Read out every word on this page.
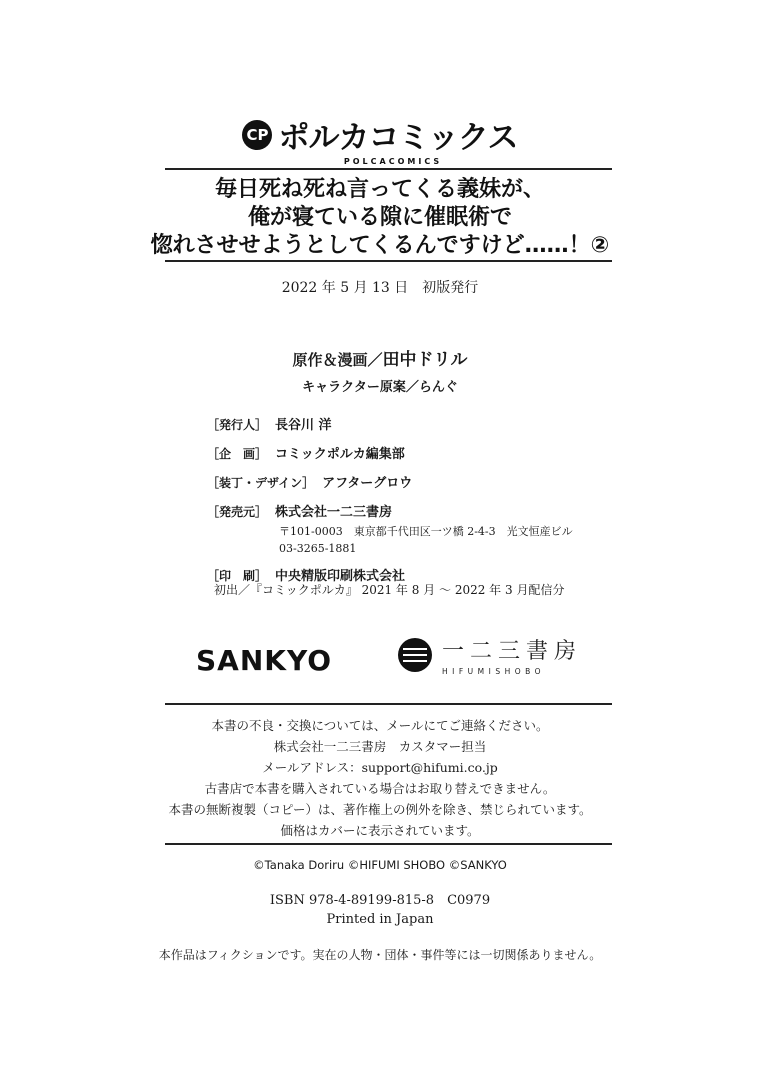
CP ポルカコミックス
POLCACOMICS
毎日死ね死ね言ってくる義妹が、
俺が寝ている隙に催眠術で
惚れさせせようとしてくるんですけど……！②
2022 年 5 月 13 日　初版発行
原作＆漫画／田中ドリル
キャラクター原案／らんぐ
［発行人］ 長谷川 洋
［企　画］ コミックポルカ編集部
［装丁・デザイン］ アフターグロウ
［発売元］ 株式会社一二三書房
〒101-0003　東京都千代田区一ツ橋 2-4-3　光文恒産ビル
03-3265-1881
［印　刷］ 中央精版印刷株式会社
初出／『コミックポルカ』 2021 年 8 月 ～ 2022 年 3 月配信分
SANKYO	一二三書房
HIFUMISHOBO
本書の不良・交換については、メールにてご連絡ください。
株式会社一二三書房　カスタマー担当
メールアドレス：support@hifumi.co.jp
古書店で本書を購入されている場合はお取り替えできません。
本書の無断複製（コピー）は、著作権上の例外を除き、禁じられています。
価格はカバーに表示されています。
©Tanaka Doriru ©HIFUMI SHOBO ©SANKYO
ISBN 978-4-89199-815-8　C0979
Printed in Japan
本作品はフィクションです。実在の人物・団体・事件等には一切関係ありません。
